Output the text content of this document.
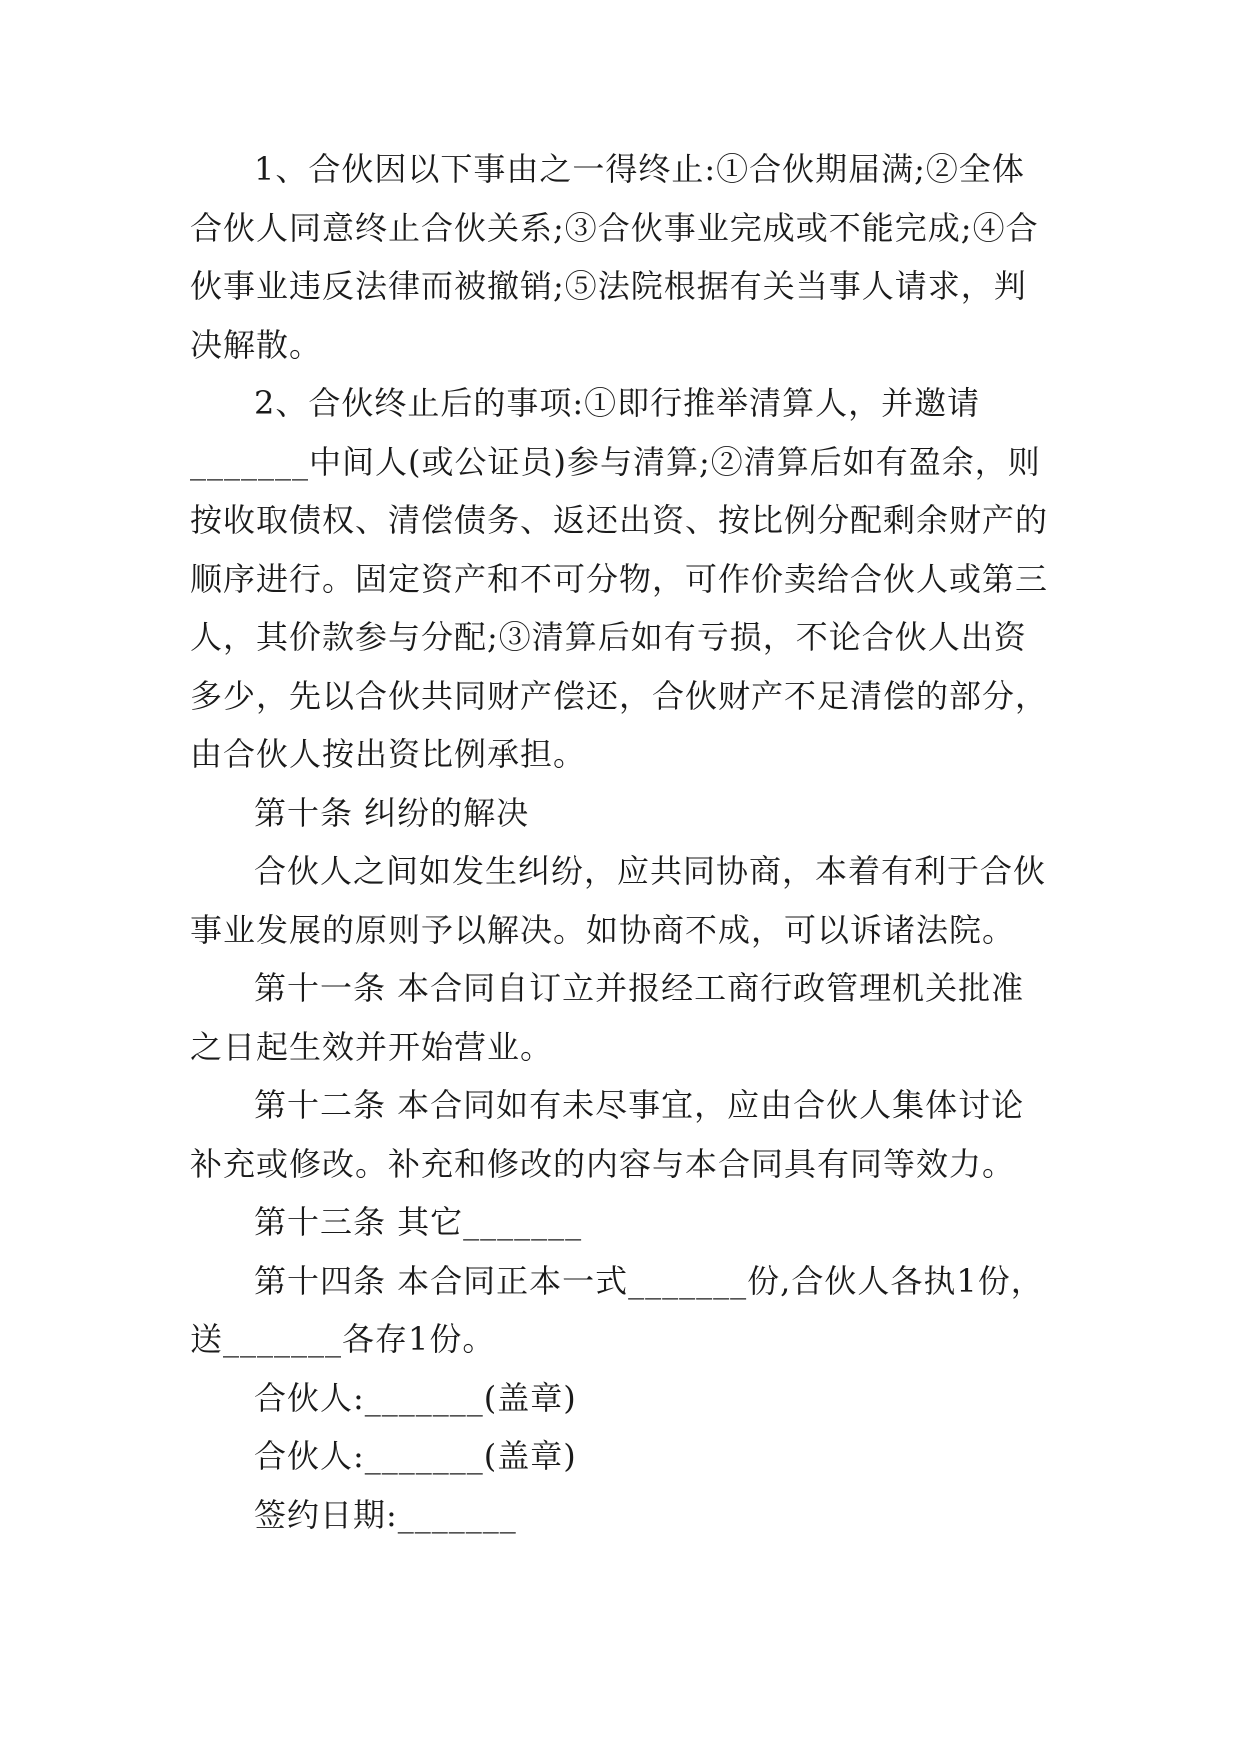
1、合伙因以下事由之一得终止:①合伙期届满;②全体
合伙人同意终止合伙关系;③合伙事业完成或不能完成;④合
伙事业违反法律而被撤销;⑤法院根据有关当事人请求，判
决解散。
2、合伙终止后的事项:①即行推举清算人，并邀请
_______中间人(或公证员)参与清算;②清算后如有盈余，则
按收取债权、清偿债务、返还出资、按比例分配剩余财产的
顺序进行。固定资产和不可分物，可作价卖给合伙人或第三
人，其价款参与分配;③清算后如有亏损，不论合伙人出资
多少，先以合伙共同财产偿还，合伙财产不足清偿的部分，
由合伙人按出资比例承担。
第十条 纠纷的解决
合伙人之间如发生纠纷，应共同协商，本着有利于合伙
事业发展的原则予以解决。如协商不成，可以诉诸法院。
第十一条 本合同自订立并报经工商行政管理机关批准
之日起生效并开始营业。
第十二条 本合同如有未尽事宜，应由合伙人集体讨论
补充或修改。补充和修改的内容与本合同具有同等效力。
第十三条 其它_______
第十四条 本合同正本一式_______份,合伙人各执1份，
送_______各存1份。
合伙人:_______(盖章)
合伙人:_______(盖章)
签约日期:_______
